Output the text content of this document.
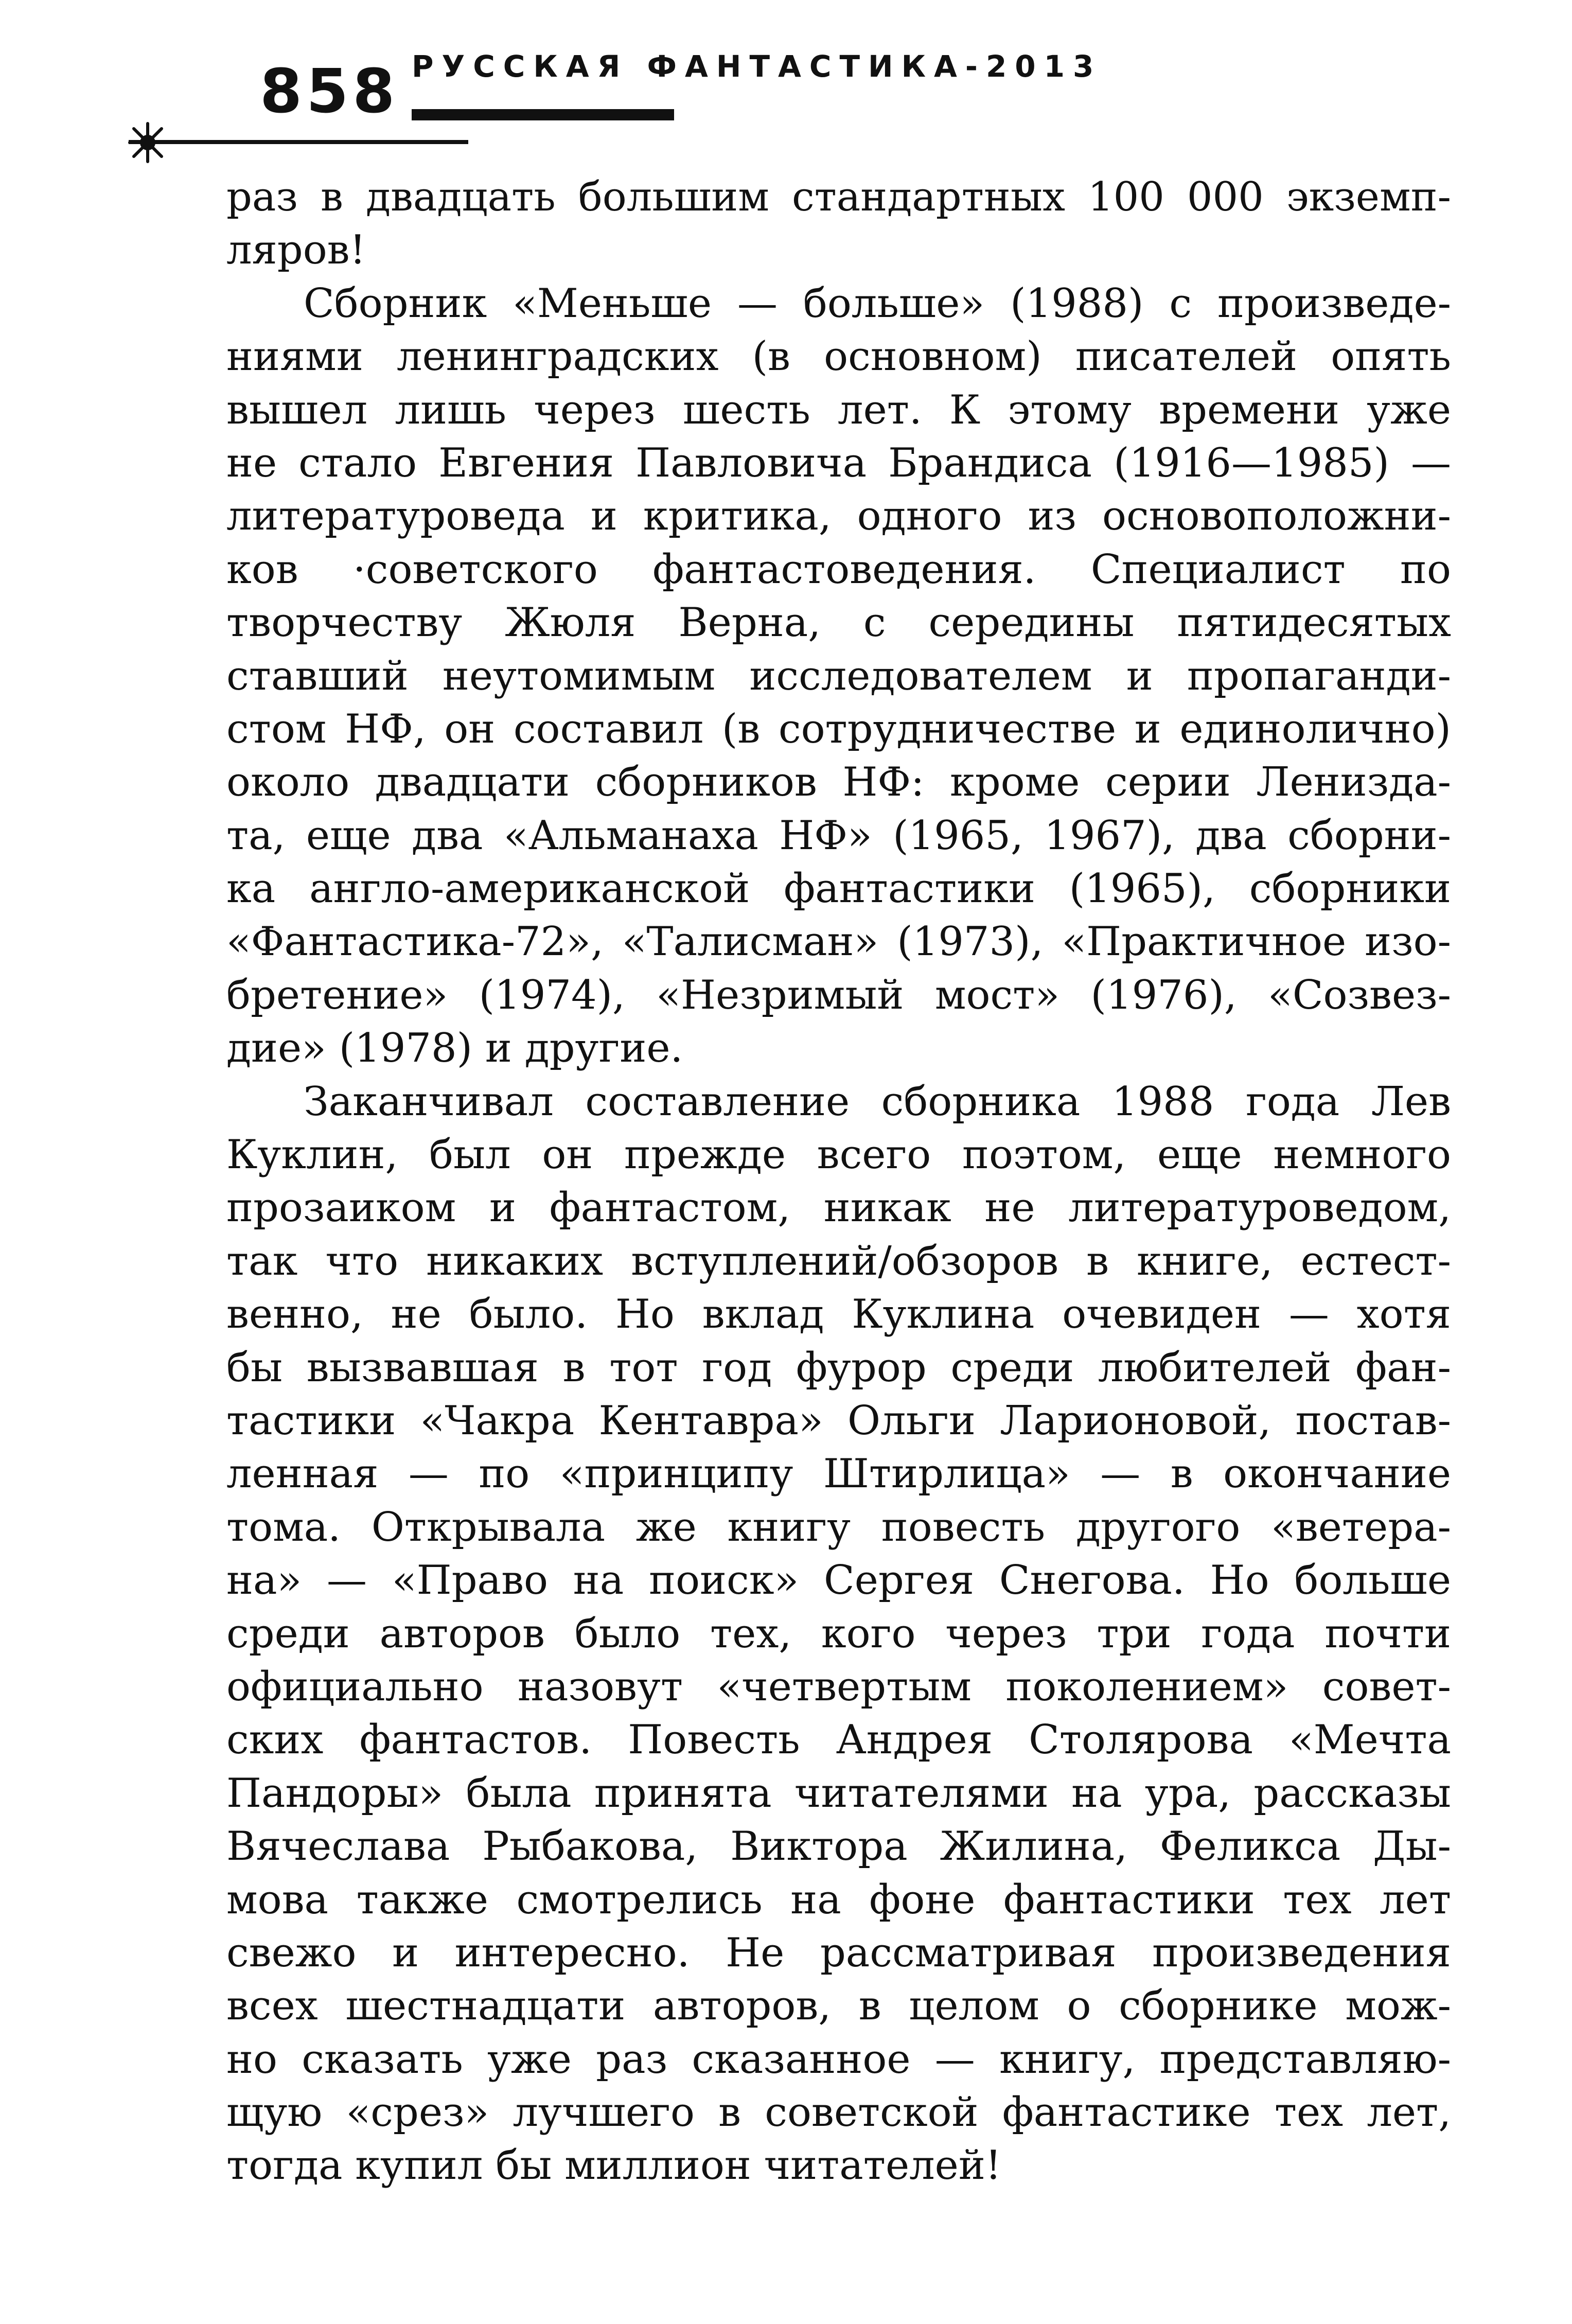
858 РУССКАЯ ФАНТАСТИКА-2013

раз в двадцать большим стандартных 100 000 экземп-
ляров!

Сборник «Меньше — больше» (1988) с произведе-
ниями ленинградских (в основном) писателей опять
вышел лишь через шесть лет. К этому времени уже
не стало Евгения Павловича Брандиса (1916—1985) —
литературоведа и критика, одного из основоположни-
ков ·советского фантастоведения. Специалист по
творчеству Жюля Верна, с середины пятидесятых
ставший неутомимым исследователем и пропаганди-
стом НФ, он составил (в сотрудничестве и единолично)
около двадцати сборников НФ: кроме серии Лениздa-
та, еще два «Альманаха НФ» (1965, 1967), два сборни-
ка англо-американской фантастики (1965), сборники
«Фантастика-72», «Талисман» (1973), «Практичное изо-
бретение» (1974), «Незримый мост» (1976), «Созвез-
дие» (1978) и другие.

Заканчивал составление сборника 1988 года Лев
Куклин, был он прежде всего поэтом, еще немного
прозаиком и фантастом, никак не литературоведом,
так что никаких вступлений/обзоров в книге, естест-
венно, не было. Но вклад Куклина очевиден — хотя
бы вызвавшая в тот год фурор среди любителей фан-
тастики «Чакра Кентавра» Ольги Ларионовой, постав-
ленная — по «принципу Штирлица» — в окончание
тома. Открывала же книгу повесть другого «ветера-
на» — «Право на поиск» Сергея Снегова. Но больше
среди авторов было тех, кого через три года почти
официально назовут «четвертым поколением» совет-
ских фантастов. Повесть Андрея Столярова «Мечта
Пандоры» была принята читателями на ура, рассказы
Вячеслава Рыбакова, Виктора Жилина, Феликса Ды-
мова также смотрелись на фоне фантастики тех лет
свежо и интересно. Не рассматривая произведения
всех шестнадцати авторов, в целом о сборнике мож-
но сказать уже раз сказанное — книгу, представляю-
щую «срез» лучшего в советской фантастике тех лет,
тогда купил бы миллион читателей!
